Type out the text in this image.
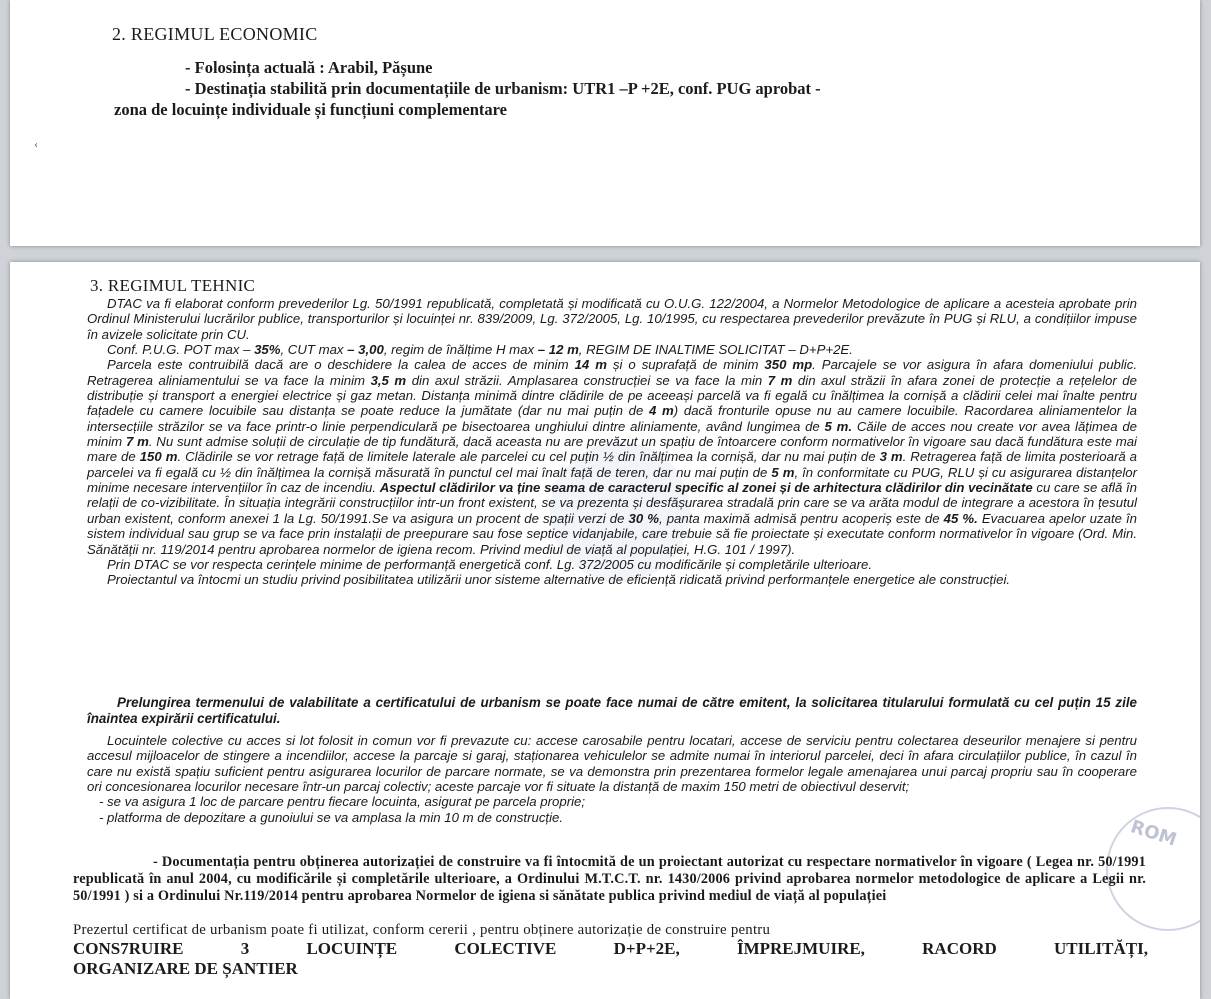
2. REGIMUL ECONOMIC
- Folosința actuală : Arabil, Pășune
- Destinația stabilită prin documentațiile de urbanism: UTR1 –P +2E, conf. PUG aprobat -
zona de locuințe individuale și funcțiuni complementare
‹
ROM
3. REGIMUL TEHNIC

DTAC va fi elaborat conform prevederilor Lg. 50/1991 republicată, completată și modificată cu O.U.G. 122/2004, a Normelor Metodologice de aplicare a acesteia aprobate prin Ordinul Ministerului lucrărilor publice, transporturilor și locuinței nr. 839/2009, Lg. 372/2005, Lg. 10/1995, cu respectarea prevederilor prevăzute în PUG și RLU, a condițiilor impuse în avizele solicitate prin CU.

Conf. P.U.G. POT max – 35%, CUT max – 3,00, regim de înălțime H max – 12 m, REGIM DE INALTIME SOLICITAT – D+P+2E.

Parcela este contruibilă dacă are o deschidere la calea de acces de minim 14 m și o suprafață de minim 350 mp. Parcajele se vor asigura în afara domeniului public. Retragerea aliniamentului se va face la minim 3,5 m din axul străzii. Amplasarea construcției se va face la min 7 m din axul străzii în afara zonei de protecție a rețelelor de distribuție și transport a energiei electrice și gaz metan. Distanța minimă dintre clădirile de pe aceeași parcelă va fi egală cu înălțimea la cornișă a clădirii celei mai înalte pentru fațadele cu camere locuibile sau distanța se poate reduce la jumătate (dar nu mai puțin de 4 m) dacă fronturile opuse nu au camere locuibile. Racordarea aliniamentelor la intersecțiile străzilor se va face printr-o linie perpendiculară pe bisectoarea unghiului dintre aliniamente, având lungimea de 5 m. Căile de acces nou create vor avea lățimea de minim 7 m. Nu sunt admise soluții de circulație de tip fundătură, dacă aceasta nu are prevăzut un spațiu de întoarcere conform normativelor în vigoare sau dacă fundătura este mai mare de 150 m. Clădirile se vor retrage față de limitele laterale ale parcelei cu cel puțin ½ din înălțimea la cornișă, dar nu mai puțin de 3 m. Retragerea față de limita posterioară a parcelei va fi egală cu ½ din înălțimea la cornișă măsurată în punctul cel mai înalt față de teren, dar nu mai puțin de 5 m, în conformitate cu PUG, RLU și cu asigurarea distanțelor minime necesare intervențiilor în caz de incendiu. Aspectul clădirilor va ține seama de caracterul specific al zonei și de arhitectura clădirilor din vecinătate cu care se află în relații de co-vizibilitate. În situația integrării construcțiilor intr-un front existent, se va prezenta și desfășurarea stradală prin care se va arăta modul de integrare a acestora în țesutul urban existent, conform anexei 1 la Lg. 50/1991.Se va asigura un procent de spații verzi de 30 %, panta maximă admisă pentru acoperiș este de 45 %. Evacuarea apelor uzate în sistem individual sau grup se va face prin instalații de preepurare sau fose septice vidanjabile, care trebuie să fie proiectate și executate conform normativelor în vigoare (Ord. Min. Sănătății nr. 119/2014 pentru aprobarea normelor de igiena recom. Privind mediul de viață al populației, H.G. 101 / 1997).

Prin DTAC se vor respecta cerințele minime de performanță energetică conf. Lg. 372/2005 cu modificările și completările ulterioare.

Proiectantul va întocmi un studiu privind posibilitatea utilizării unor sisteme alternative de eficiență ridicată privind performanțele energetice ale construcției.

Prelungirea termenului de valabilitate a certificatului de urbanism se poate face numai de către emitent, la solicitarea titularului formulată cu cel puțin 15 zile înaintea expirării certificatului.

Locuintele colective cu acces si lot folosit in comun vor fi prevazute cu: accese carosabile pentru locatari, accese de serviciu pentru colectarea deseurilor menajere si pentru accesul mijloacelor de stingere a incendiilor, accese la parcaje si garaj, staționarea vehiculelor se admite numai în interiorul parcelei, deci în afara circulațiilor publice, în cazul în care nu există spațiu suficient pentru asigurarea locurilor de parcare normate, se va demonstra prin prezentarea formelor legale amenajarea unui parcaj propriu sau în cooperare ori concesionarea locurilor necesare într-un parcaj colectiv; aceste parcaje vor fi situate la distanță de maxim 150 metri de obiectivul deservit;

- se va asigura 1 loc de parcare pentru fiecare locuinta, asigurat pe parcela proprie;

- platforma de depozitare a gunoiului se va amplasa la min 10 m de construcție.

- Documentația pentru obținerea autorizației de construire va fi întocmită de un proiectant autorizat cu respectare normativelor în vigoare ( Legea nr. 50/1991 republicată în anul 2004, cu modificările și completările ulterioare, a Ordinului M.T.C.T. nr. 1430/2006 privind aprobarea normelor metodologice de aplicare a Legii nr. 50/1991 ) si a Ordinului Nr.119/2014 pentru aprobarea Normelor de igiena si sănătate publica privind mediul de viață al populației
Prezertul certificat de urbanism poate fi utilizat, conform cererii , pentru obținere autorizație de construire pentru
CONS7RUIRE 3 LOCUINȚE COLECTIVE D+P+2E, ÎMPREJMUIRE, RACORD UTILITĂȚI,
ORGANIZARE DE ȘANTIER
